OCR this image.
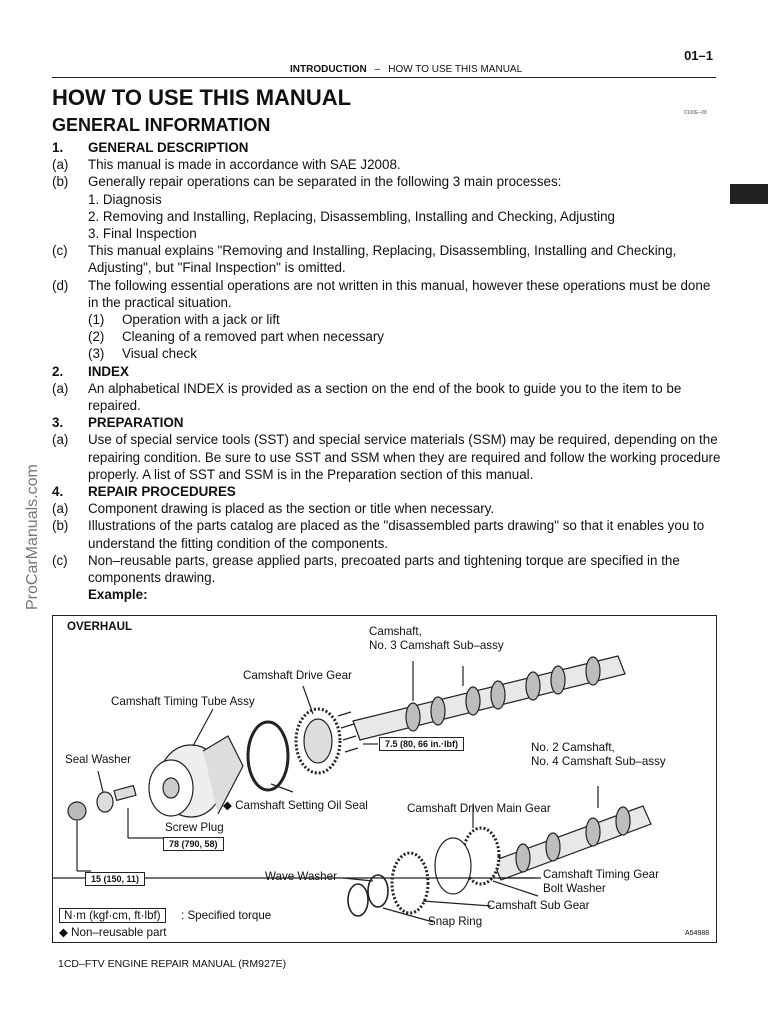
01–1
INTRODUCTION – HOW TO USE THIS MANUAL
HOW TO USE THIS MANUAL
GENERAL INFORMATION
0100E–08
ProCarManuals.com
1. GENERAL DESCRIPTION
(a) This manual is made in accordance with SAE J2008.
(b) Generally repair operations can be separated in the following 3 main processes:
1. Diagnosis
2. Removing and Installing, Replacing, Disassembling, Installing and Checking, Adjusting
3. Final Inspection
(c) This manual explains "Removing and Installing, Replacing, Disassembling, Installing and Checking, Adjusting", but "Final Inspection" is omitted.
(d) The following essential operations are not written in this manual, however these operations must be done in the practical situation.
(1) Operation with a jack or lift
(2) Cleaning of a removed part when necessary
(3) Visual check
2. INDEX
(a) An alphabetical INDEX is provided as a section on the end of the book to guide you to the item to be repaired.
3. PREPARATION
(a) Use of special service tools (SST) and special service materials (SSM) may be required, depending on the repairing condition. Be sure to use SST and SSM when they are required and follow the working procedure properly. A list of SST and SSM is in the Preparation section of this manual.
4. REPAIR PROCEDURES
(a) Component drawing is placed as the section or title when necessary.
(b) Illustrations of the parts catalog are placed as the "disassembled parts drawing" so that it enables you to understand the fitting condition of the components.
(c) Non–reusable parts, grease applied parts, precoated parts and tightening torque are specified in the components drawing.
Example:
OVERHAUL	Camshaft,
No. 3 Camshaft Sub–assy
Camshaft Drive Gear
Camshaft Timing Tube Assy
Seal Washer
7.5 (80, 66 in.·lbf)	No. 2 Camshaft,
No. 4 Camshaft Sub–assy
◆ Camshaft Setting Oil Seal	Camshaft Driven Main Gear
Screw Plug
78 (790, 58)
15 (150, 11)	Wave Washer	Camshaft Timing Gear
Bolt Washer
Camshaft Sub Gear
Snap Ring
N·m (kgf·cm, ft·lbf)	: Specified torque
◆ Non–reusable part	A54988
1CD–FTV ENGINE REPAIR MANUAL (RM927E)
